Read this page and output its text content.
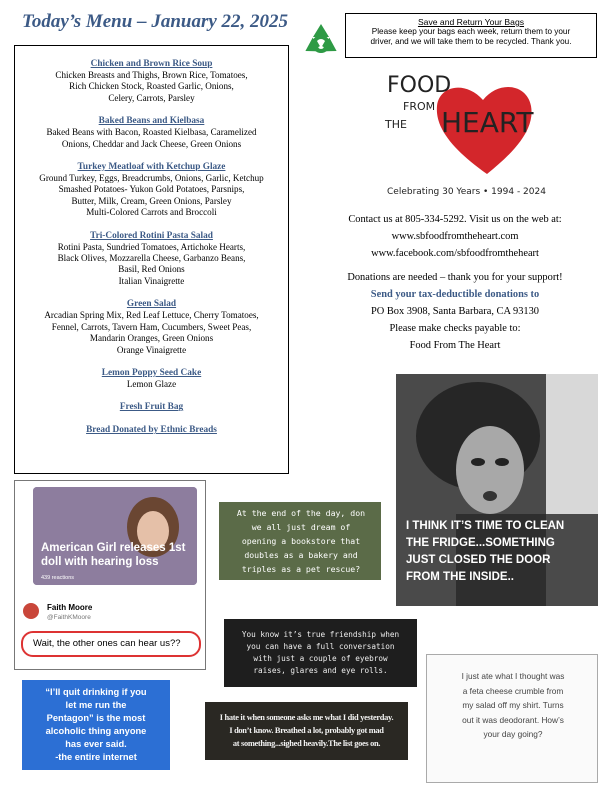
Today’s Menu – January 22, 2025	Save and Return Your Bags
Please keep your bags each week, return them to your
driver, and we will take them to be recycled. Thank you.
Chicken and Brown Rice Soup
Chicken Breasts and Thighs, Brown Rice, Tomatoes,
Rich Chicken Stock, Roasted Garlic, Onions,
Celery, Carrots, Parsley
Baked Beans and Kielbasa
Baked Beans with Bacon, Roasted Kielbasa, Caramelized
Onions, Cheddar and Jack Cheese, Green Onions
Turkey Meatloaf with Ketchup Glaze
Ground Turkey, Eggs, Breadcrumbs, Onions, Garlic, Ketchup
Smashed Potatoes- Yukon Gold Potatoes, Parsnips,
Butter, Milk, Cream, Green Onions, Parsley
Multi-Colored Carrots and Broccoli
Tri-Colored Rotini Pasta Salad
Rotini Pasta, Sundried Tomatoes, Artichoke Hearts,
Black Olives, Mozzarella Cheese, Garbanzo Beans,
Basil, Red Onions
Italian Vinaigrette
Green Salad
Arcadian Spring Mix, Red Leaf Lettuce, Cherry Tomatoes,
Fennel, Carrots, Tavern Ham, Cucumbers, Sweet Peas,
Mandarin Oranges, Green Onions
Orange Vinaigrette
Lemon Poppy Seed Cake
Lemon Glaze
Fresh Fruit Bag
Bread Donated by Ethnic Breads
FOOD
FROM
THE HEART
Celebrating 30 Years • 1994 - 2024
Contact us at 805-334-5292. Visit us on the web at:
www.sbfoodfromtheheart.com
www.facebook.com/sbfoodfromtheheart
Donations are needed – thank you for your support!
Send your tax-deductible donations to
PO Box 3908, Santa Barbara, CA 93130
Please make checks payable to:
Food From The Heart
I THINK IT’S TIME TO CLEAN
THE FRIDGE...SOMETHING
JUST CLOSED THE DOOR
FROM THE INSIDE..
American Girl releases 1st
doll with hearing loss
439 reactions
Faith Moore
@FaithKMoore
Wait, the other ones can hear us??
At the end of the day, don
we all just dream of
opening a bookstore that
doubles as a bakery and
triples as a pet rescue?
You know it’s true friendship when
you can have a full conversation
with just a couple of eyebrow
raises, glares and eye rolls.
I just ate what I thought was
a feta cheese crumble from
my salad off my shirt. Turns
out it was deodorant. How’s
your day going?
“I’ll quit drinking if you
let me run the
Pentagon” is the most
alcoholic thing anyone
has ever said.
-the entire internet
I hate it when someone asks me what I did yesterday.
I don’t know. Breathed a lot, probably got mad
at something...sighed heavily.The list goes on.
